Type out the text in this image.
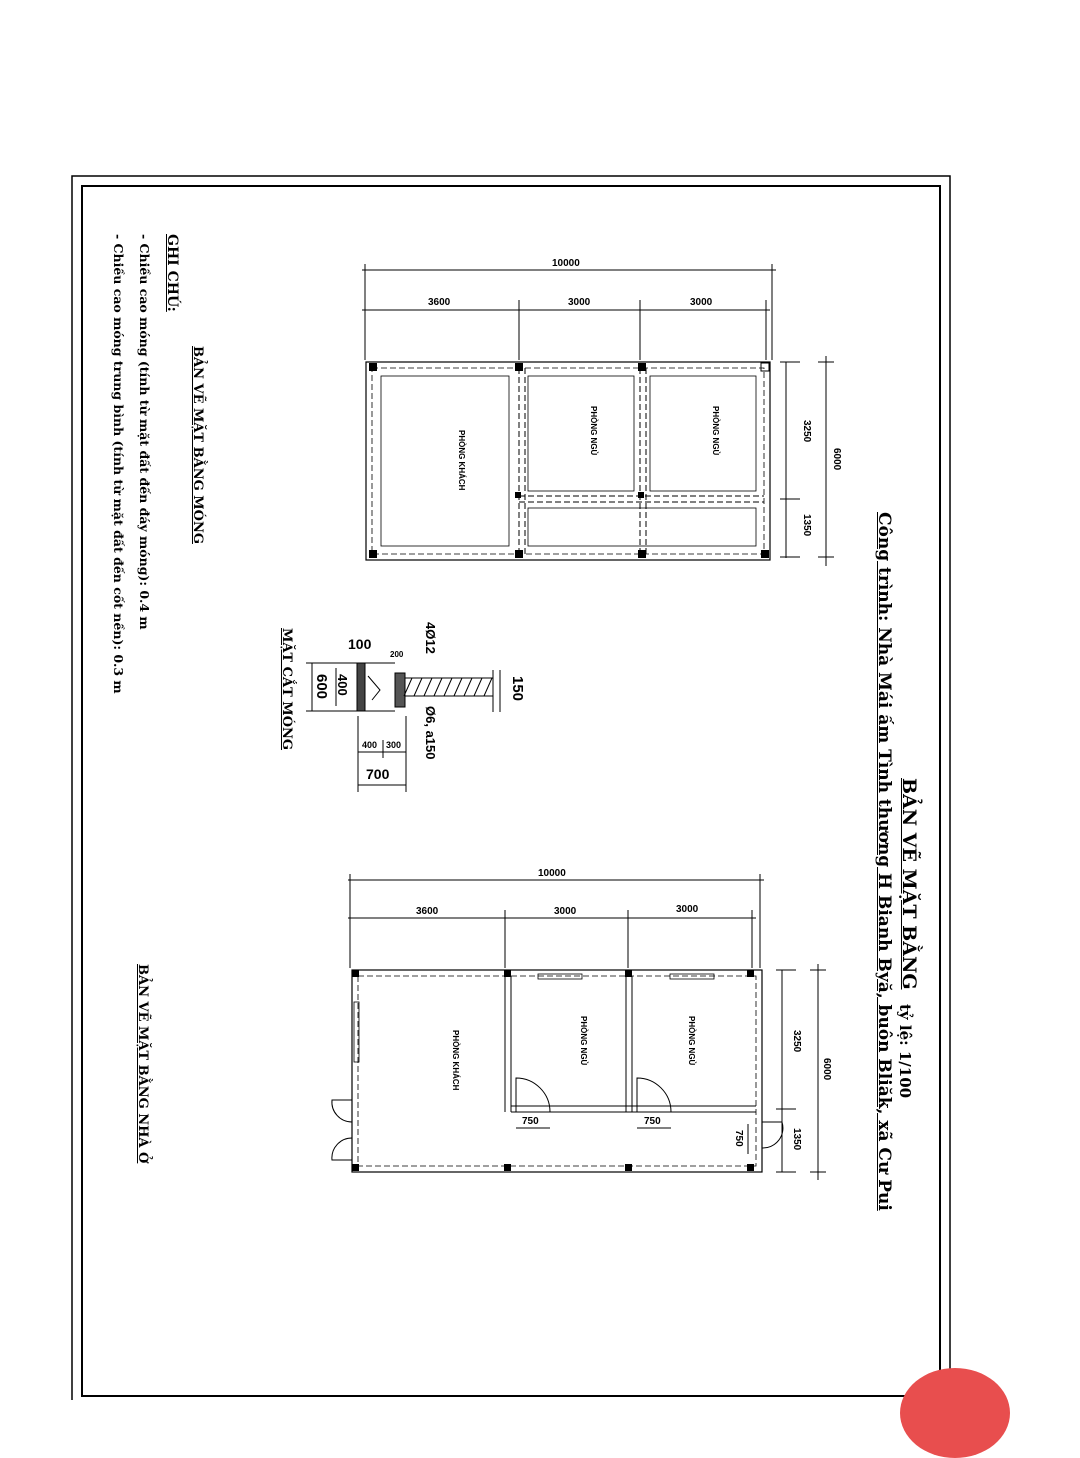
BẢN VẼ MẶT BẰNG
tỷ lệ: 1/100
Công trình: Nhà Mái ấm Tình thương H Bianh Byă, buôn Bliăk, xã Cư Pui
BẢN VẼ MẶT BẰNG MÓNG
10000
3600	3000	3000
3250
1350
6000
PHÒNG KHÁCH	PHÒNG NGỦ	PHÒNG NGỦ
MẶT CẮT MÓNG	4Ø12
Ø6, a150
150
100
200
400
600
400 300
700
BẢN VẼ MẶT BẰNG NHÀ Ở
10000
3600	3000	3000
3250
1350
6000
750	750
750
PHÒNG KHÁCH	PHÒNG NGỦ	PHÒNG NGỦ
GHI CHÚ:
- Chiều cao móng (tính từ mặt đất đến đáy móng): 0.4 m
- Chiều cao móng trung bình (tính từ mặt đất đến cốt nền): 0.3 m
